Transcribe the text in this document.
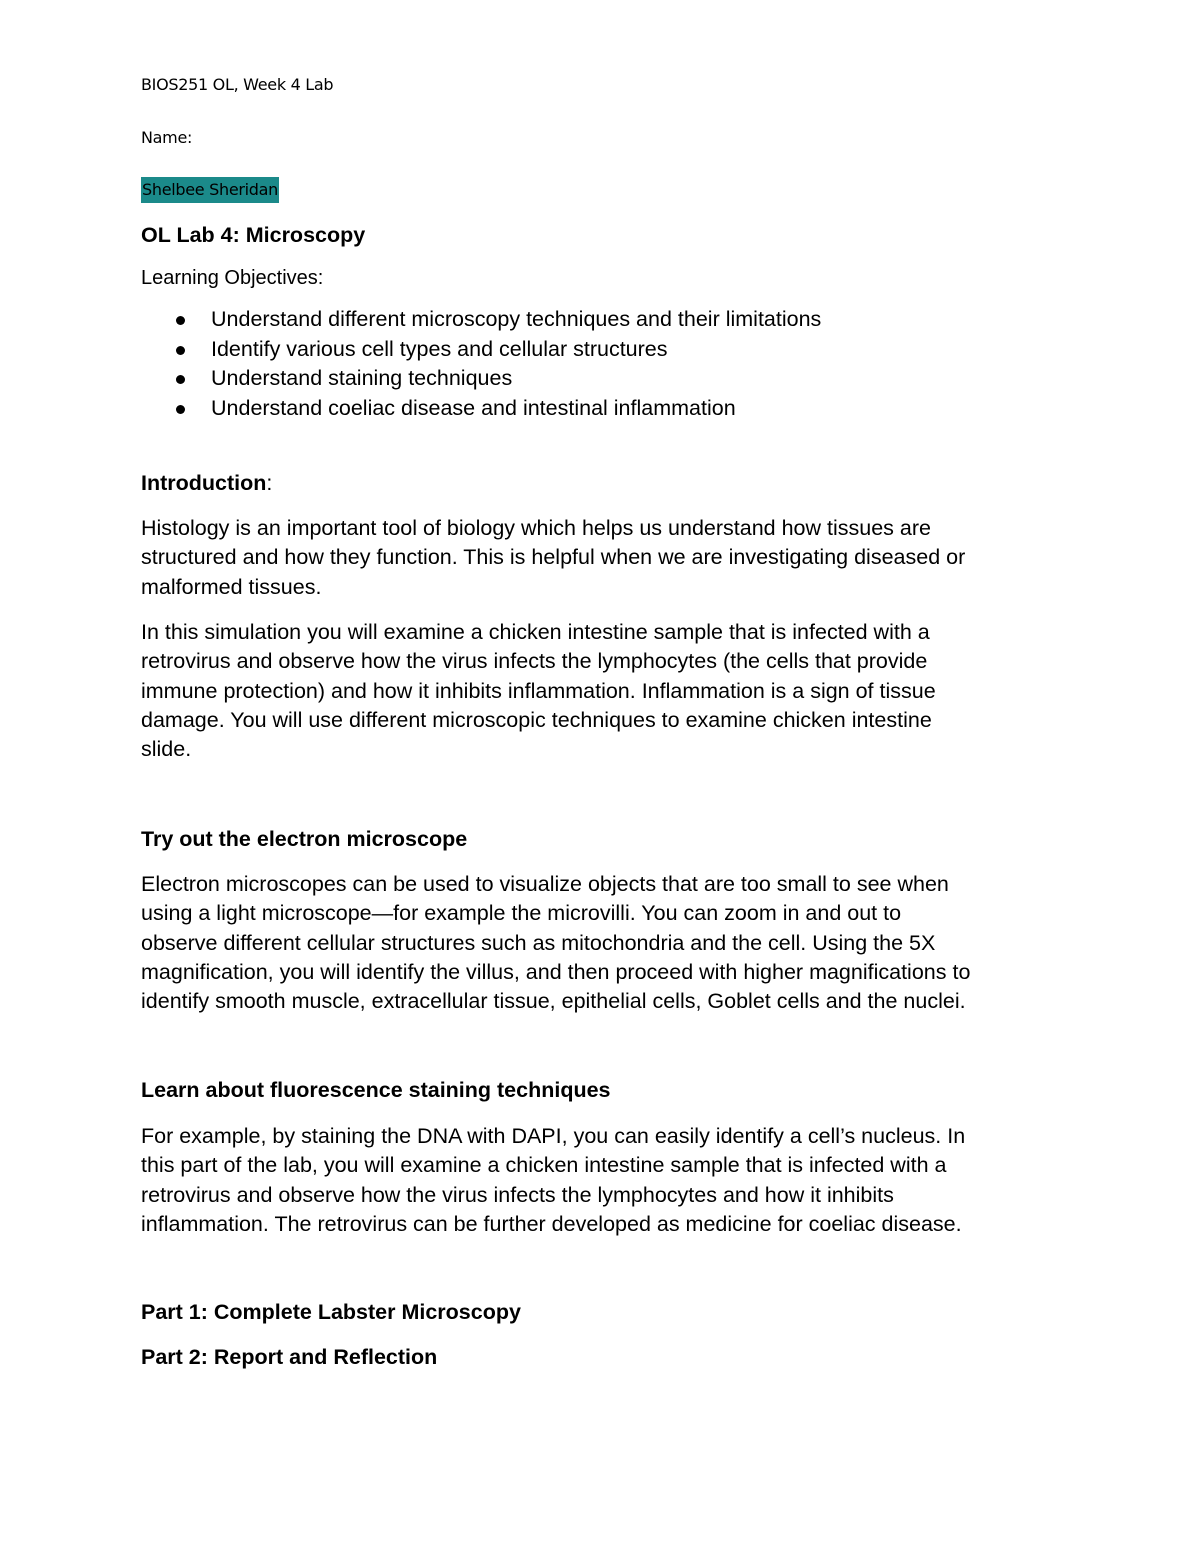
BIOS251 OL, Week 4 Lab
Name:
Shelbee Sheridan
OL Lab 4: Microscopy
Learning Objectives:
Understand different microscopy techniques and their limitations
Identify various cell types and cellular structures
Understand staining techniques
Understand coeliac disease and intestinal inflammation
Introduction:
Histology is an important tool of biology which helps us understand how tissues are
structured and how they function. This is helpful when we are investigating diseased or
malformed tissues.
In this simulation you will examine a chicken intestine sample that is infected with a
retrovirus and observe how the virus infects the lymphocytes (the cells that provide
immune protection) and how it inhibits inflammation. Inflammation is a sign of tissue
damage. You will use different microscopic techniques to examine chicken intestine
slide.
Try out the electron microscope
Electron microscopes can be used to visualize objects that are too small to see when
using a light microscope—for example the microvilli. You can zoom in and out to
observe different cellular structures such as mitochondria and the cell. Using the 5X
magnification, you will identify the villus, and then proceed with higher magnifications to
identify smooth muscle, extracellular tissue, epithelial cells, Goblet cells and the nuclei.
Learn about fluorescence staining techniques
For example, by staining the DNA with DAPI, you can easily identify a cell’s nucleus. In
this part of the lab, you will examine a chicken intestine sample that is infected with a
retrovirus and observe how the virus infects the lymphocytes and how it inhibits
inflammation. The retrovirus can be further developed as medicine for coeliac disease.
Part 1: Complete Labster Microscopy
Part 2: Report and Reflection
